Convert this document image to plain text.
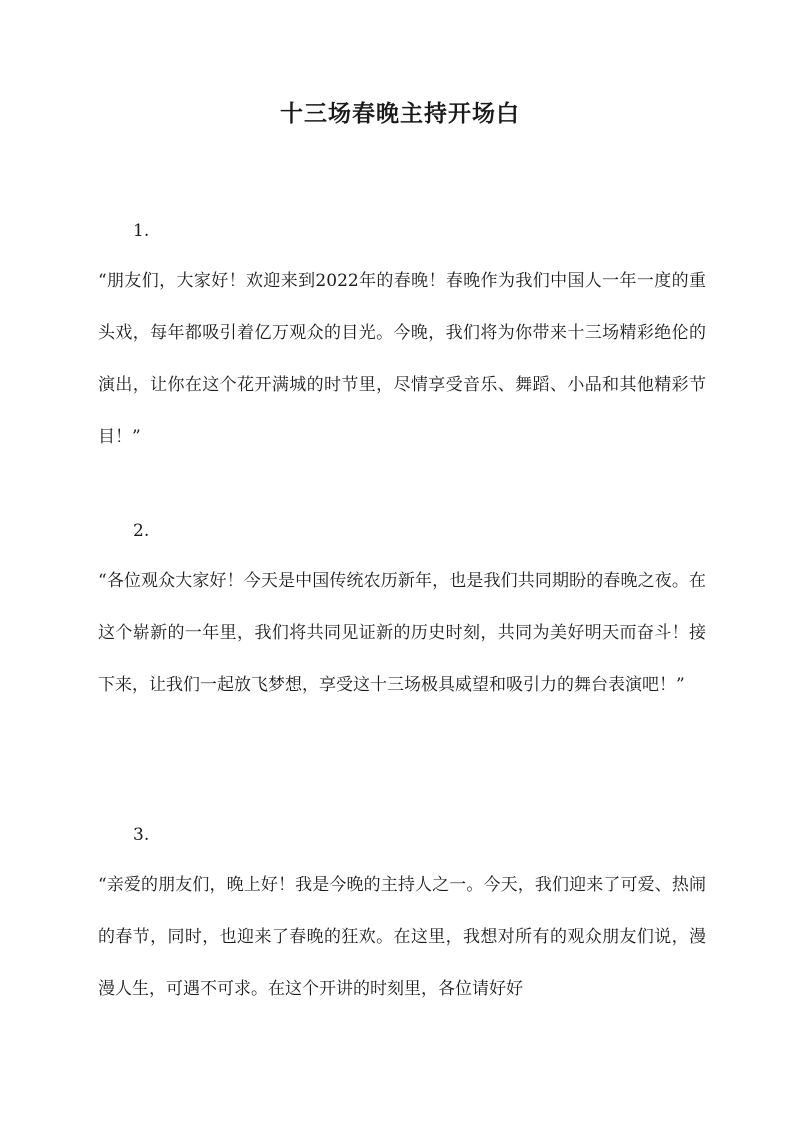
十三场春晚主持开场白
1.
“朋友们，大家好！欢迎来到2022年的春晚！春晚作为我们中国人一年一度的重头戏，每年都吸引着亿万观众的目光。今晚，我们将为你带来十三场精彩绝伦的演出，让你在这个花开满城的时节里，尽情享受音乐、舞蹈、小品和其他精彩节目！”
2.
“各位观众大家好！今天是中国传统农历新年，也是我们共同期盼的春晚之夜。在这个崭新的一年里，我们将共同见证新的历史时刻，共同为美好明天而奋斗！接下来，让我们一起放飞梦想，享受这十三场极具威望和吸引力的舞台表演吧！”
3.
“亲爱的朋友们，晚上好！我是今晚的主持人之一。今天，我们迎来了可爱、热闹的春节，同时，也迎来了春晚的狂欢。在这里，我想对所有的观众朋友们说，漫漫人生，可遇不可求。在这个开讲的时刻里，各位请好好
